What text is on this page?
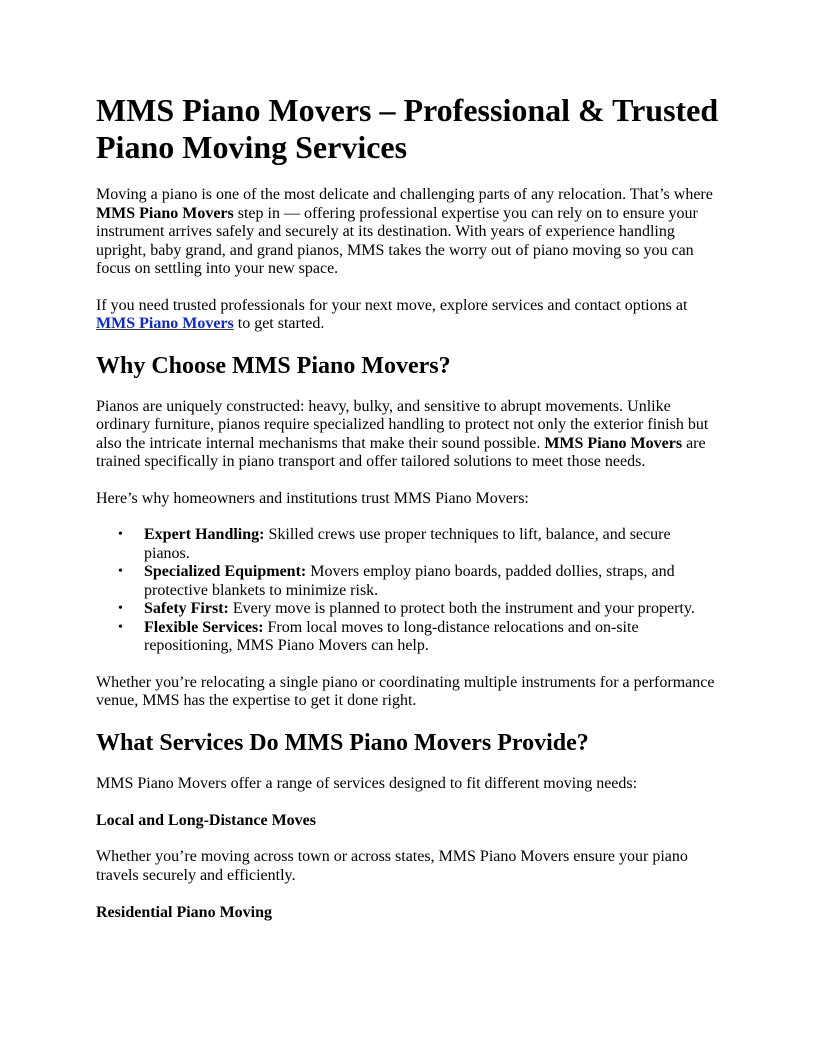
MMS Piano Movers – Professional & Trusted Piano Moving Services

Moving a piano is one of the most delicate and challenging parts of any relocation. That’s where MMS Piano Movers step in — offering professional expertise you can rely on to ensure your instrument arrives safely and securely at its destination. With years of experience handling upright, baby grand, and grand pianos, MMS takes the worry out of piano moving so you can focus on settling into your new space.

If you need trusted professionals for your next move, explore services and contact options at MMS Piano Movers to get started.

Why Choose MMS Piano Movers?

Pianos are uniquely constructed: heavy, bulky, and sensitive to abrupt movements. Unlike ordinary furniture, pianos require specialized handling to protect not only the exterior finish but also the intricate internal mechanisms that make their sound possible. MMS Piano Movers are trained specifically in piano transport and offer tailored solutions to meet those needs.

Here’s why homeowners and institutions trust MMS Piano Movers:

• Expert Handling: Skilled crews use proper techniques to lift, balance, and secure pianos.
• Specialized Equipment: Movers employ piano boards, padded dollies, straps, and protective blankets to minimize risk.
• Safety First: Every move is planned to protect both the instrument and your property.
• Flexible Services: From local moves to long-distance relocations and on-site repositioning, MMS Piano Movers can help.

Whether you’re relocating a single piano or coordinating multiple instruments for a performance venue, MMS has the expertise to get it done right.

What Services Do MMS Piano Movers Provide?

MMS Piano Movers offer a range of services designed to fit different moving needs:

Local and Long-Distance Moves

Whether you’re moving across town or across states, MMS Piano Movers ensure your piano travels securely and efficiently.

Residential Piano Moving
